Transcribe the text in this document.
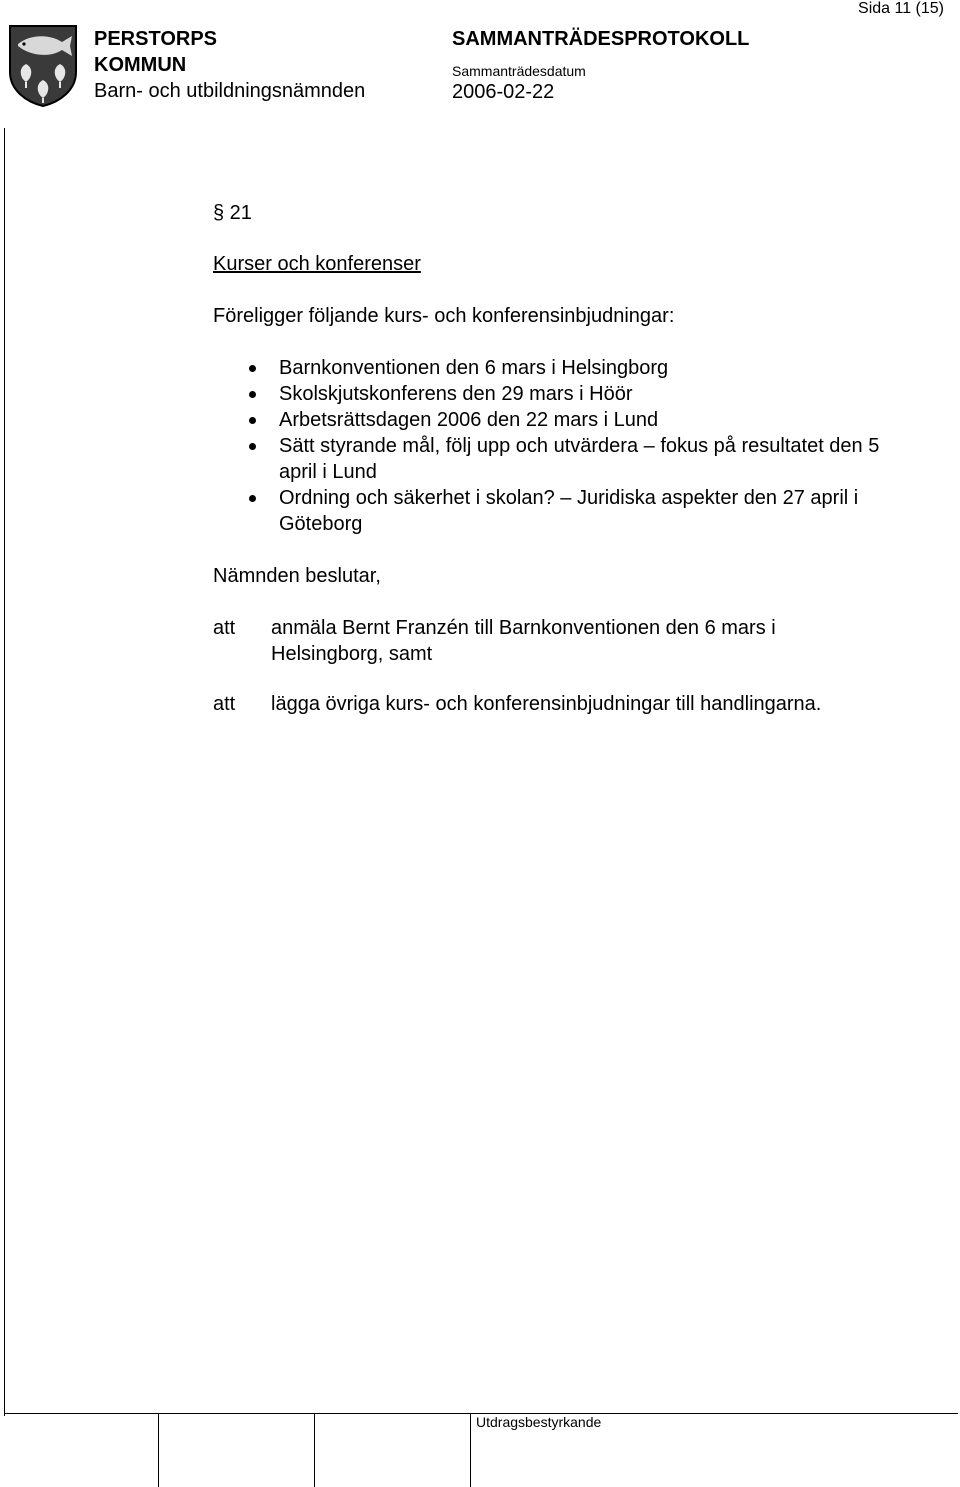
PERSTORPS
KOMMUN
Barn- och utbildningsnämnden
SAMMANTRÄDESPROTOKOLL
Sammanträdesdatum
2006-02-22
Sida 11 (15)
§ 21
Kurser och konferenser
Föreligger följande kurs- och konferensinbjudningar:
Barnkonventionen den 6 mars i Helsingborg
Skolskjutskonferens den 29 mars i Höör
Arbetsrättsdagen 2006 den 22 mars i Lund
Sätt styrande mål, följ upp och utvärdera – fokus på resultatet den 5 april i Lund
Ordning och säkerhet i skolan? – Juridiska aspekter den 27 april i Göteborg
Nämnden beslutar,
att anmäla Bernt Franzén till Barnkonventionen den 6 mars i Helsingborg, samt
att lägga övriga kurs- och konferensinbjudningar till handlingarna.
Utdragsbestyrkande
